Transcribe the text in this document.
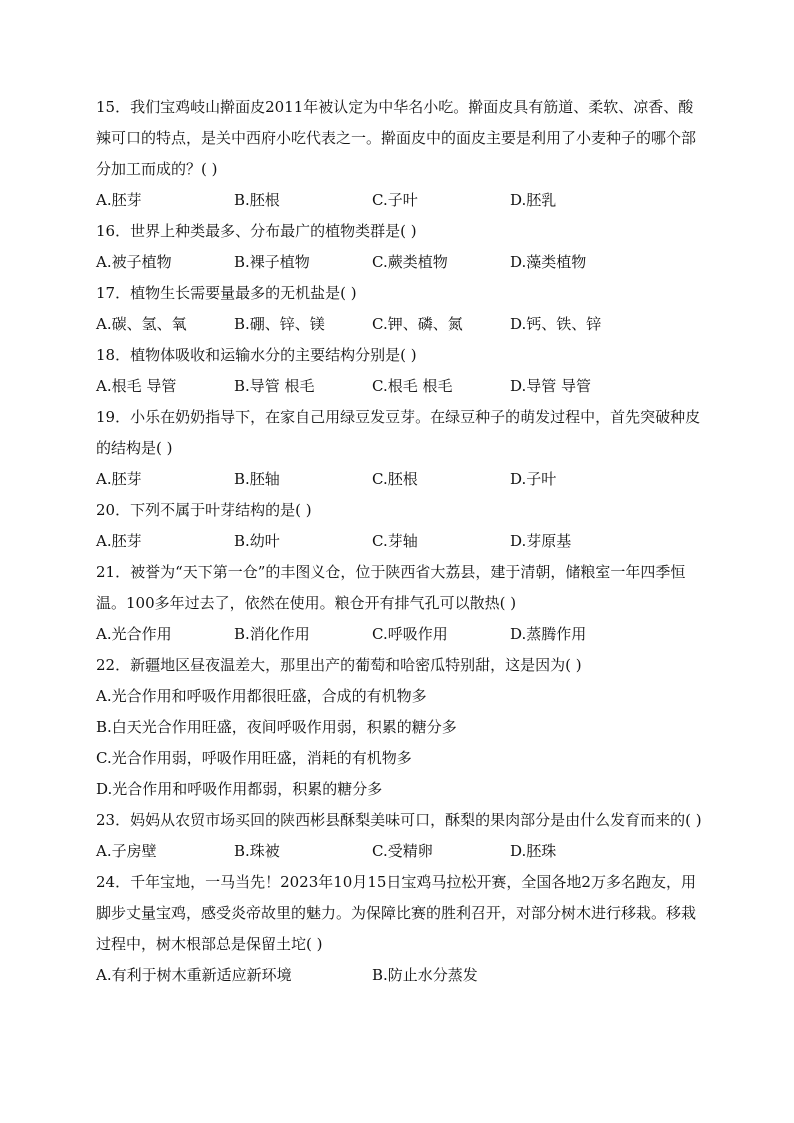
15．我们宝鸡岐山擀面皮2011年被认定为中华名小吃。擀面皮具有筋道、柔软、凉香、酸辣可口的特点，是关中西府小吃代表之一。擀面皮中的面皮主要是利用了小麦种子的哪个部分加工而成的？( )
A.胚芽	B.胚根	C.子叶	D.胚乳
16．世界上种类最多、分布最广的植物类群是( )
A.被子植物	B.裸子植物	C.蕨类植物	D.藻类植物
17．植物生长需要量最多的无机盐是( )
A.碳、氢、氧	B.硼、锌、镁	C.钾、磷、氮	D.钙、铁、锌
18．植物体吸收和运输水分的主要结构分别是( )
A.根毛 导管	B.导管 根毛	C.根毛 根毛	D.导管 导管
19．小乐在奶奶指导下，在家自己用绿豆发豆芽。在绿豆种子的萌发过程中，首先突破种皮的结构是( )
A.胚芽	B.胚轴	C.胚根	D.子叶
20．下列不属于叶芽结构的是( )
A.胚芽	B.幼叶	C.芽轴	D.芽原基
21．被誉为“天下第一仓”的丰图义仓，位于陕西省大荔县，建于清朝，储粮室一年四季恒温。100多年过去了，依然在使用。粮仓开有排气孔可以散热( )
A.光合作用	B.消化作用	C.呼吸作用	D.蒸腾作用
22．新疆地区昼夜温差大，那里出产的葡萄和哈密瓜特别甜，这是因为( )
A.光合作用和呼吸作用都很旺盛，合成的有机物多
B.白天光合作用旺盛，夜间呼吸作用弱，积累的糖分多
C.光合作用弱，呼吸作用旺盛，消耗的有机物多
D.光合作用和呼吸作用都弱，积累的糖分多
23．妈妈从农贸市场买回的陕西彬县酥梨美味可口，酥梨的果肉部分是由什么发育而来的( )
A.子房壁	B.珠被	C.受精卵	D.胚珠
24．千年宝地，一马当先！2023年10月15日宝鸡马拉松开赛，全国各地2万多名跑友，用脚步丈量宝鸡，感受炎帝故里的魅力。为保障比赛的胜利召开，对部分树木进行移栽。移栽过程中，树木根部总是保留土坨( )
A.有利于树木重新适应新环境	B.防止水分蒸发
